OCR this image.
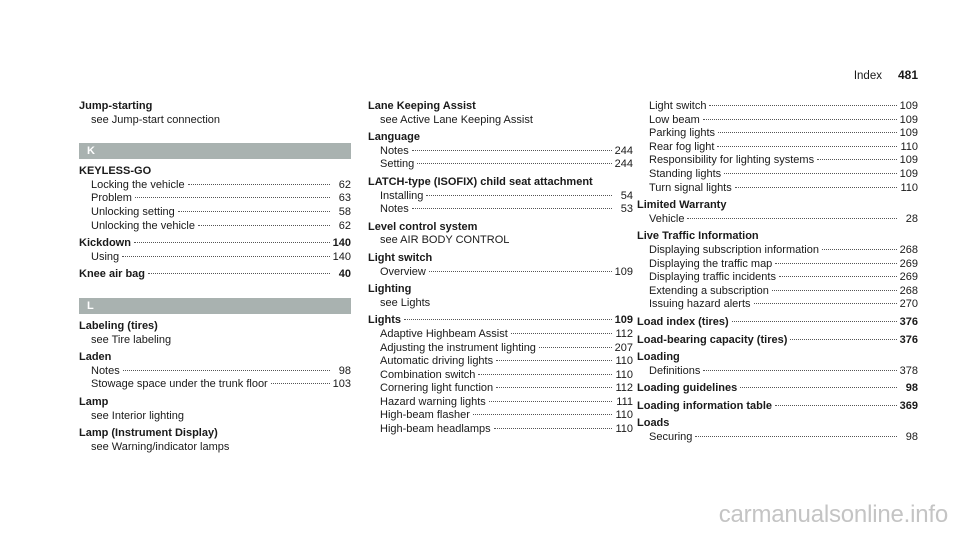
Index 481
Jump-starting
see Jump-start connection
K
KEYLESS-GO
Locking the vehicle	62
Problem	63
Unlocking setting	58
Unlocking the vehicle	62
Kickdown	140
Using	140
Knee air bag	40
L
Labeling (tires)
see Tire labeling
Laden
Notes	98
Stowage space under the trunk floor	103
Lamp
see Interior lighting
Lamp (Instrument Display)
see Warning/indicator lamps
Lane Keeping Assist
see Active Lane Keeping Assist
Language
Notes	244
Setting	244
LATCH-type (ISOFIX) child seat attachment
Installing	54
Notes	53
Level control system
see AIR BODY CONTROL
Light switch
Overview	109
Lighting
see Lights
Lights	109
Adaptive Highbeam Assist	112
Adjusting the instrument lighting	207
Automatic driving lights	110
Combination switch	110
Cornering light function	112
Hazard warning lights	111
High-beam flasher	110
High-beam headlamps	110
Light switch	109
Low beam	109
Parking lights	109
Rear fog light	110
Responsibility for lighting systems	109
Standing lights	109
Turn signal lights	110
Limited Warranty
Vehicle	28
Live Traffic Information
Displaying subscription information	268
Displaying the traffic map	269
Displaying traffic incidents	269
Extending a subscription	268
Issuing hazard alerts	270
Load index (tires)	376
Load-bearing capacity (tires)	376
Loading
Definitions	378
Loading guidelines	98
Loading information table	369
Loads
Securing	98
carmanualsonline.info
